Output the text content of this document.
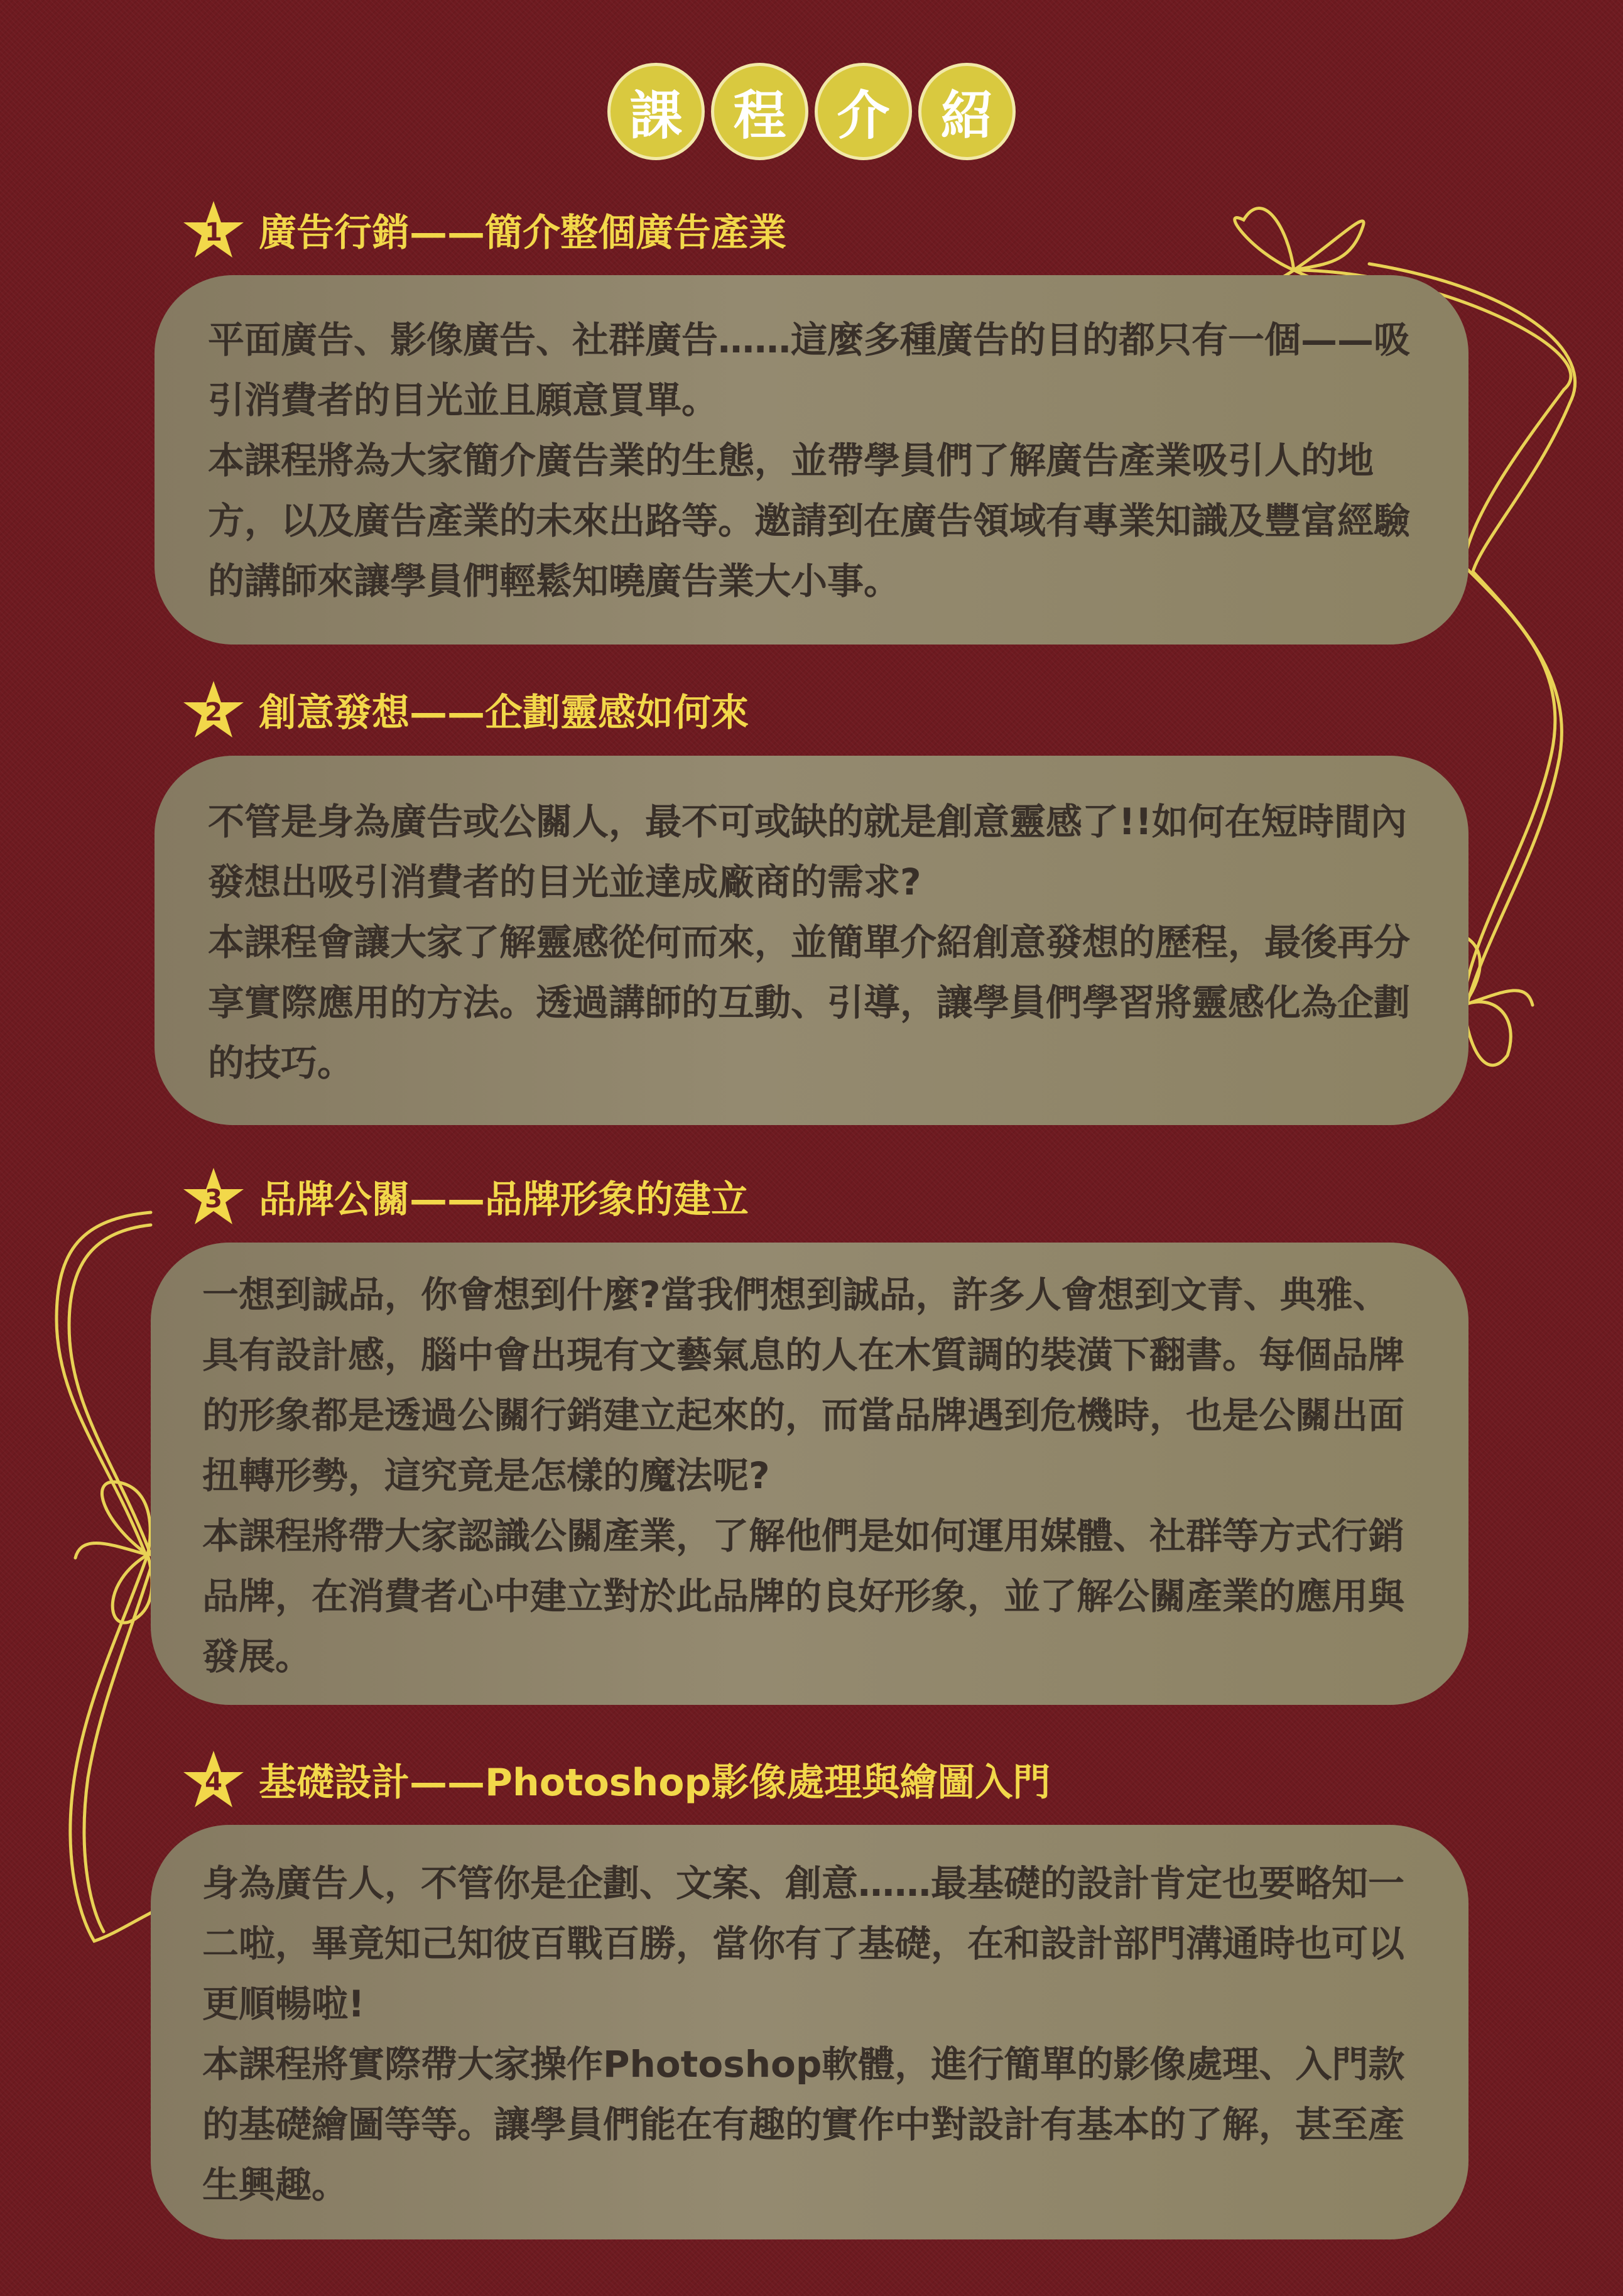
課 程 介 紹
1 廣告行銷——簡介整個廣告產業

平面廣告、影像廣告、社群廣告……這麼多種廣告的目的都只有一個——吸引消費者的目光並且願意買單。

本課程將為大家簡介廣告業的生態，並帶學員們了解廣告產業吸引人的地方，以及廣告產業的未來出路等。邀請到在廣告領域有專業知識及豐富經驗的講師來讓學員們輕鬆知曉廣告業大小事。

2 創意發想——企劃靈感如何來

不管是身為廣告或公關人，最不可或缺的就是創意靈感了!!如何在短時間內發想出吸引消費者的目光並達成廠商的需求?

本課程會讓大家了解靈感從何而來，並簡單介紹創意發想的歷程，最後再分享實際應用的方法。透過講師的互動、引導，讓學員們學習將靈感化為企劃的技巧。

3 品牌公關——品牌形象的建立

一想到誠品，你會想到什麼?當我們想到誠品，許多人會想到文青、典雅、具有設計感，腦中會出現有文藝氣息的人在木質調的裝潢下翻書。每個品牌的形象都是透過公關行銷建立起來的，而當品牌遇到危機時，也是公關出面扭轉形勢，這究竟是怎樣的魔法呢?

本課程將帶大家認識公關產業，了解他們是如何運用媒體、社群等方式行銷品牌，在消費者心中建立對於此品牌的良好形象，並了解公關產業的應用與發展。

4 基礎設計——Photoshop影像處理與繪圖入門

身為廣告人，不管你是企劃、文案、創意……最基礎的設計肯定也要略知一二啦，畢竟知己知彼百戰百勝，當你有了基礎，在和設計部門溝通時也可以更順暢啦!

本課程將實際帶大家操作Photoshop軟體，進行簡單的影像處理、入門款的基礎繪圖等等。讓學員們能在有趣的實作中對設計有基本的了解，甚至產生興趣。
